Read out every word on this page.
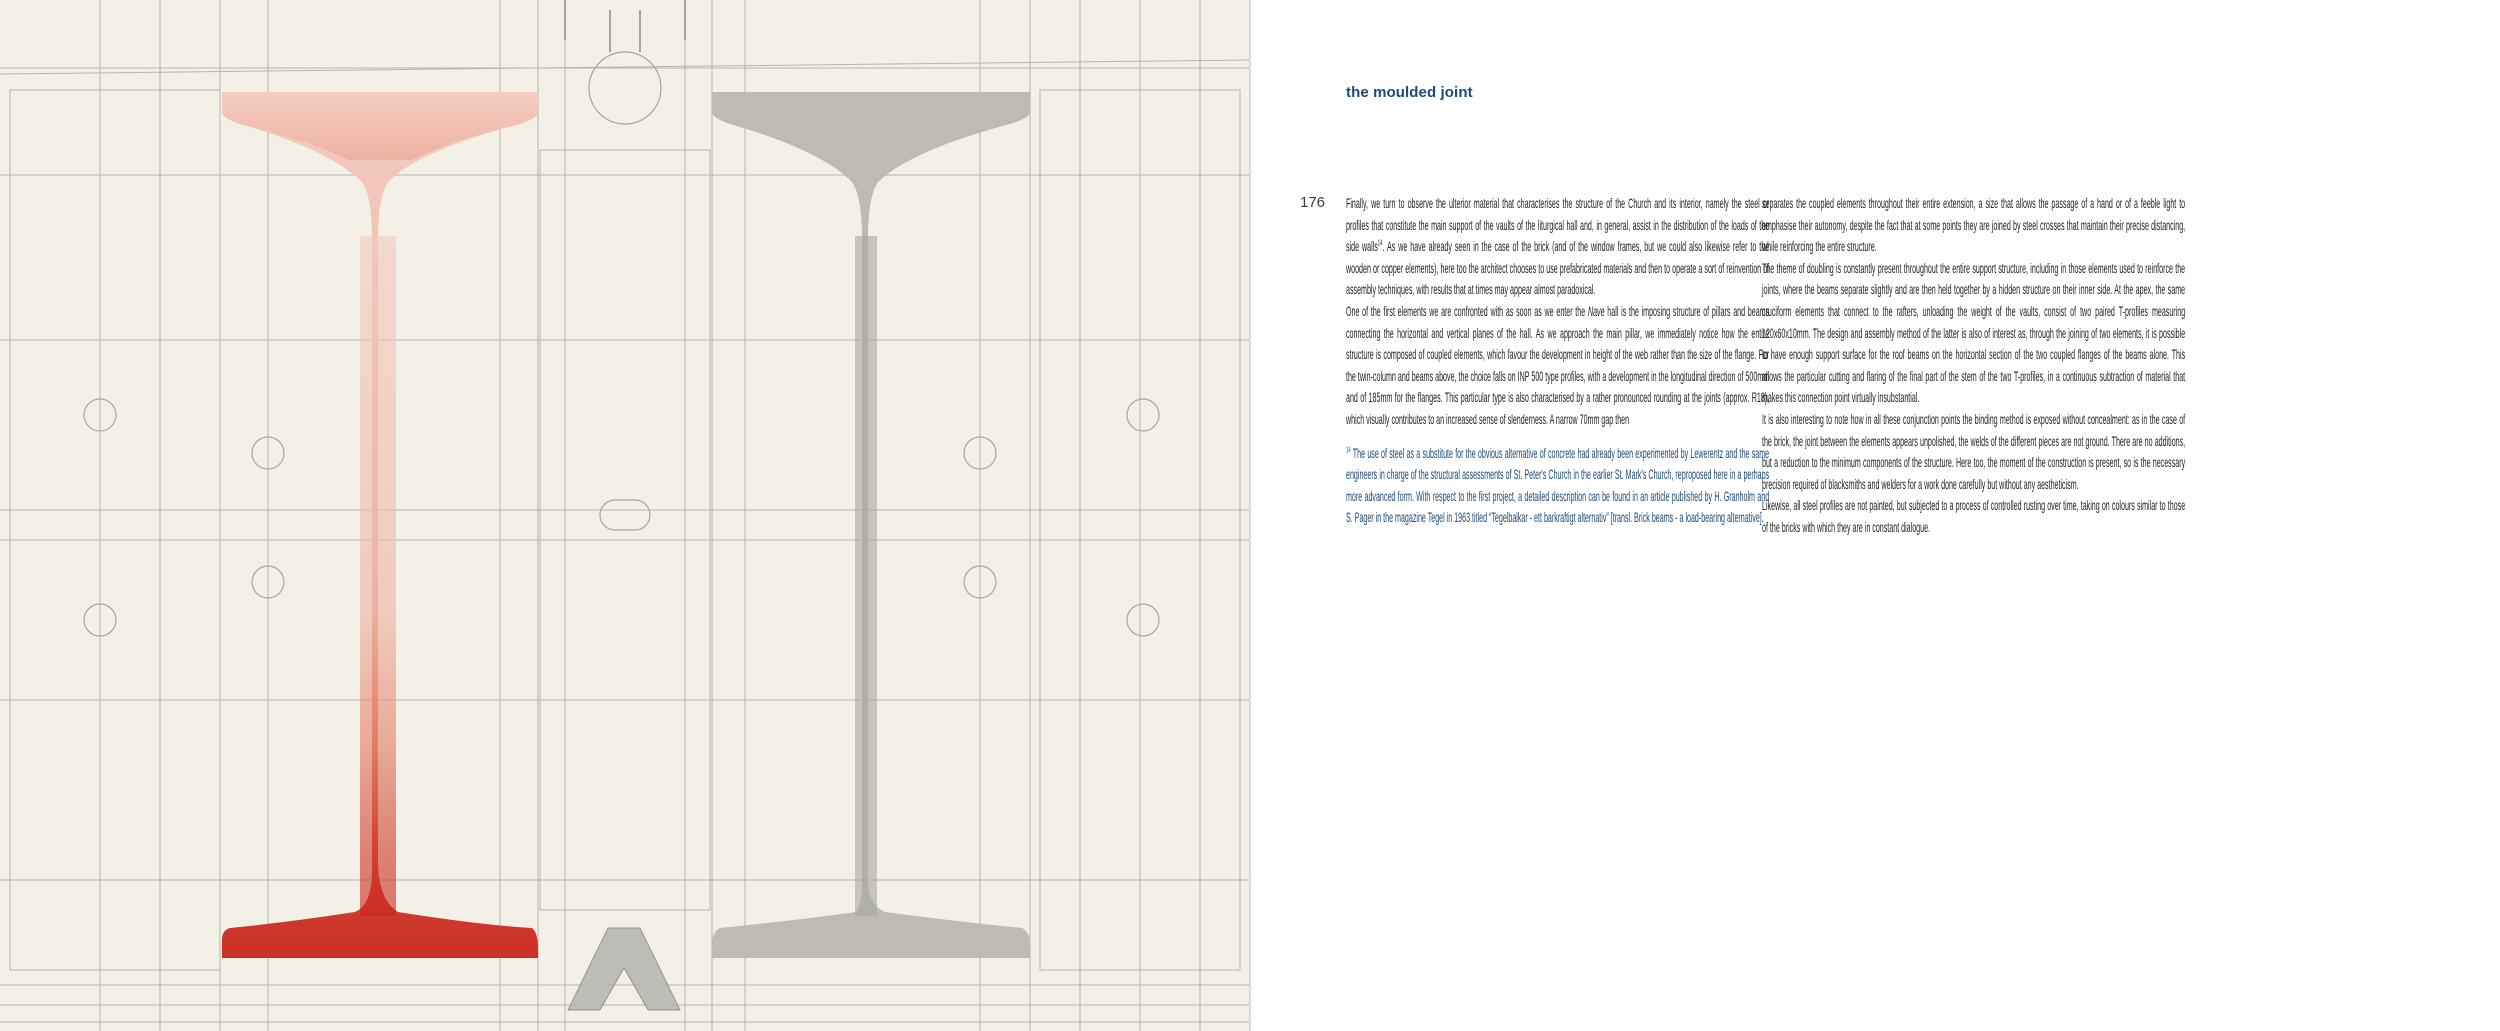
the moulded joint
176 Finally, we turn to observe the ulterior material that characterises the structure of the Church and its interior, namely the steel or profiles that constitute the main support of the vaults of the liturgical hall and, in general, assist in the distribution of the loads of the side walls$^{14}$. As we have already seen in the case of the brick (and of the window frames, but we could also likewise refer to the wooden or copper elements), here too the architect chooses to use prefabricated materials and then to operate a sort of reinvention of assembly techniques, with results that at times may appear almost paradoxical.

One of the first elements we are confronted with as soon as we enter the Nave hall is the imposing structure of pillars and beams connecting the horizontal and vertical planes of the hall. As we approach the main pillar, we immediately notice how the entire structure is composed of coupled elements, which favour the development in height of the web rather than the size of the flange. For the twin-column and beams above, the choice falls on INP 500 type profiles, with a development in the longitudinal direction of 500mm and of 185mm for the flanges. This particular type is also characterised by a rather pronounced rounding at the joints (approx. R18), which visually contributes to an increased sense of slenderness. A narrow 70mm gap then

$^{14}$ The use of steel as a substitute for the obvious alternative of concrete had already been experimented by Lewerentz and the same engineers in charge of the structural assessments of St. Peter's Church in the earlier St. Mark's Church, reproposed here in a perhaps more advanced form. With respect to the first project, a detailed description can be found in an article published by H. Granholm and S. Pager in the magazine Tegel in 1963 titled “Tegelbalkar - ett barkraftigt alternativ” [transl. Brick beams - a load-bearing alternative].

separates the coupled elements throughout their entire extension, a size that allows the passage of a hand or of a feeble light to emphasise their autonomy, despite the fact that at some points they are joined by steel crosses that maintain their precise distancing, while reinforcing the entire structure.

The theme of doubling is constantly present throughout the entire support structure, including in those elements used to reinforce the joints, where the beams separate slightly and are then held together by a hidden structure on their inner side. At the apex, the same cruciform elements that connect to the rafters, unloading the weight of the vaults, consist of two paired T-profiles measuring 120x60x10mm. The design and assembly method of the latter is also of interest as, through the joining of two elements, it is possible to have enough support surface for the roof beams on the horizontal section of the two coupled flanges of the beams alone. This allows the particular cutting and flaring of the final part of the stem of the two T-profiles, in a continuous subtraction of material that makes this connection point virtually insubstantial.

It is also interesting to note how in all these conjunction points the binding method is exposed without concealment: as in the case of the brick, the joint between the elements appears unpolished, the welds of the different pieces are not ground. There are no additions, but a reduction to the minimum components of the structure. Here too, the moment of the construction is present, so is the necessary precision required of blacksmiths and welders for a work done carefully but without any aestheticism.

Likewise, all steel profiles are not painted, but subjected to a process of controlled rusting over time, taking on colours similar to those of the bricks with which they are in constant dialogue.
